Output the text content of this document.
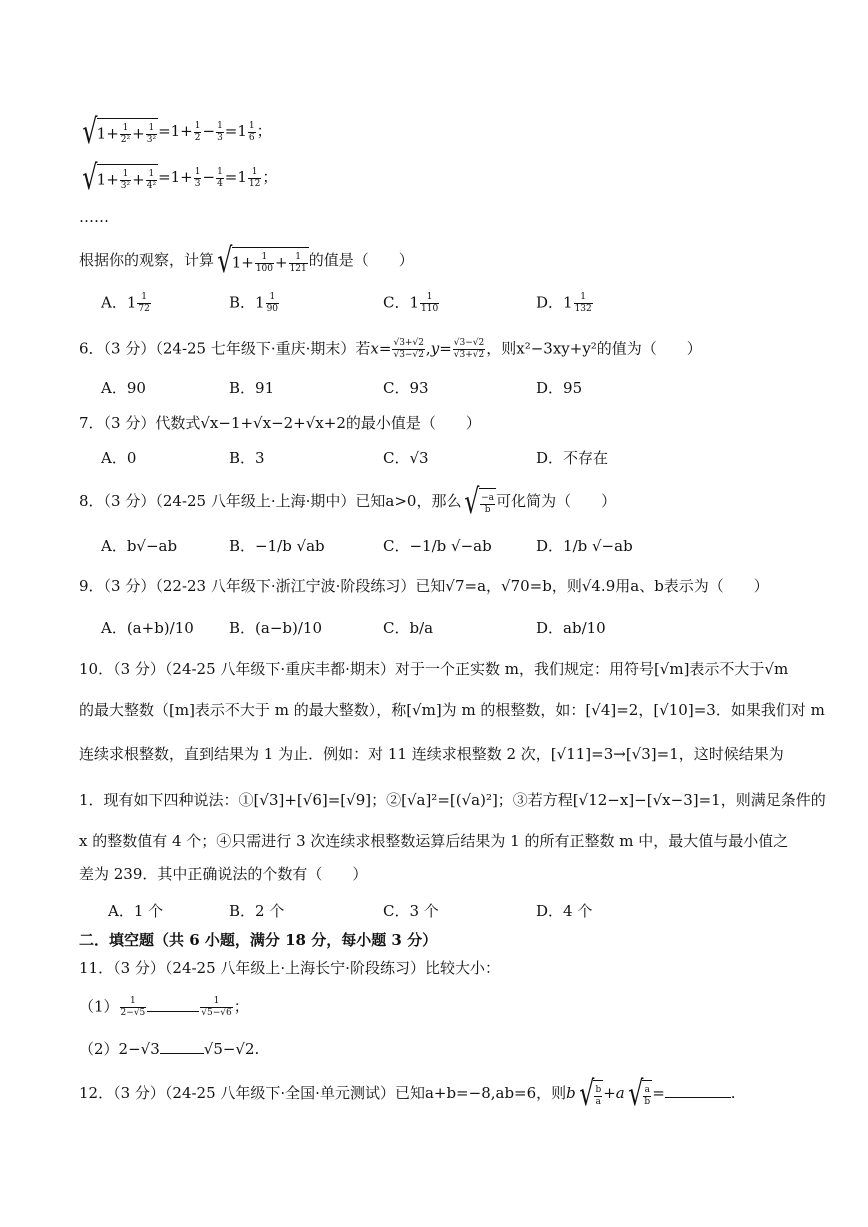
$√1+ \frac{1}{\text{2²}} + \frac{1}{\text{3²}} =1+ \frac{1}{2} - \frac{1}{3} =1 \frac{1}{6}$ ；
$√1+ \frac{1}{\text{3²}} + \frac{1}{\text{4²}} =1+ \frac{1}{3} - \frac{1}{4} =1 \frac{1}{12}$ ；
……
根据你的观察，计算$√1+ \frac{1}{100} + \frac{1}{121}$ 的值是（　　）
A．$1 \frac{1}{72}$	B．$1 \frac{1}{90}$	C．$1 \frac{1}{110}$	D．$1 \frac{1}{132}$
6．（3 分）（24-25 七年级下·重庆·期末）若$x= \frac{√3+√2}{√3-√2} ,y= \frac{√3-√2}{√3+√2}$ ，则x²−3xy+y²的值为（　　）
A．90	B．91	C．93	D．95
7．（3 分）代数式√x−1+√x−2+√x+2的最小值是（　　）
A．0	B．3	C．√3	D．不存在
8．（3 分）（24-25 八年级上·上海·期中）已知a>0，那么√ $\frac{-a}{b}$ 可化简为（　　）
A．b√−ab	B．−1/b √ab	C．−1/b √−ab	D．1/b √−ab
9．（3 分）（22-23 八年级下·浙江宁波·阶段练习）已知√7=a，√70=b，则√4.9用a、b表示为（　　）
A．(a+b)/10 B．(a−b)/10	C．b/a	D．ab/10
10．（3 分）（24-25 八年级下·重庆丰都·期末）对于一个正实数 m，我们规定：用符号[√m]表示不大于√m
的最大整数（[m]表示不大于 m 的最大整数），称[√m]为 m 的根整数，如：[√4]=2，[√10]=3．如果我们对 m
连续求根整数，直到结果为 1 为止．例如：对 11 连续求根整数 2 次，[√11]=3→[√3]=1，这时候结果为
1．现有如下四种说法：①[√3]+[√6]=[√9]；②[√a]²=[(√a)²]；③若方程[√12−x]−[√x−3]=1，则满足条件的
x 的整数值有 4 个；④只需进行 3 次连续求根整数运算后结果为 1 的所有正整数 m 中，最大值与最小值之
差为 239．其中正确说法的个数有（　　）
A．1 个	B．2 个	C．3 个	D．4 个
二．填空题（共 6 小题，满分 18 分，每小题 3 分）
11．（3 分）（24-25 八年级上·上海长宁·阶段练习）比较大小：
$(1) \frac{1}{2-√5}$	$\frac{1}{√5-√6}$ ；
（2）2−√3	√5−√2.
12．（3 分）（24-25 八年级下·全国·单元测试）已知a+b=−8,ab=6，则$b√ \frac{b}{a} +a√ \frac{a}{b}$ =	.
